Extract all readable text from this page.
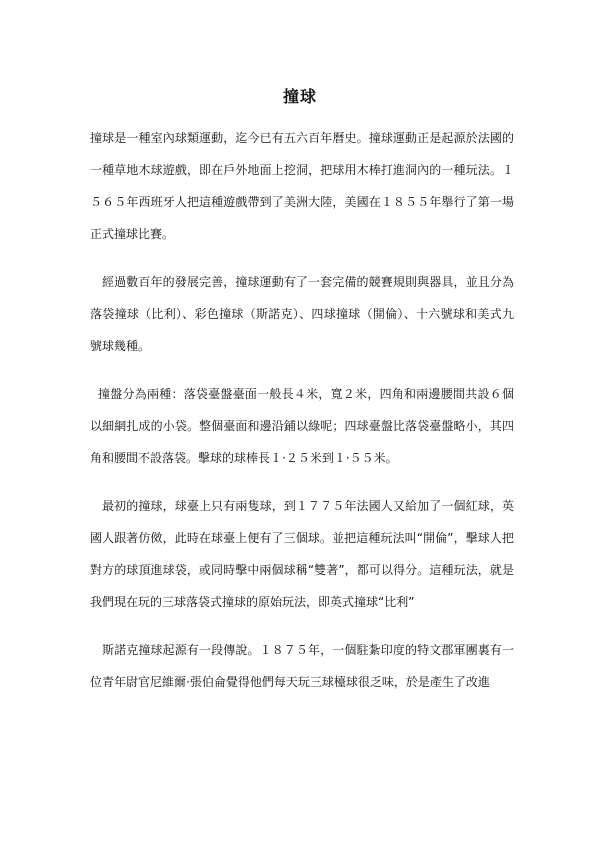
撞球

撞球是一種室內球類運動，迄今已有五六百年曆史。撞球運動正是起源於法國的一種草地木球遊戲，即在戶外地面上挖洞，把球用木棒打進洞內的一種玩法。１５６５年西班牙人把這種遊戲帶到了美洲大陸，美國在１８５５年舉行了第一場正式撞球比賽。

經過數百年的發展完善，撞球運動有了一套完備的競賽規則與器具，並且分為落袋撞球（比利）、彩色撞球（斯諾克）、四球撞球（開倫）、十六號球和美式九號球幾種。

撞盤分為兩種：落袋臺盤臺面一般長４米，寬２米，四角和兩邊腰間共設６個以細網扎成的小袋。整個臺面和邊沿鋪以綠呢；四球臺盤比落袋臺盤略小，其四角和腰間不設落袋。擊球的球棒長１·２５米到１·５５米。

最初的撞球，球臺上只有兩隻球，到１７７５年法國人又給加了一個紅球，英國人跟著仿傚，此時在球臺上便有了三個球。並把這種玩法叫“開倫”，擊球人把對方的球頂進球袋，或同時擊中兩個球稱“雙著”，都可以得分。這種玩法，就是我們現在玩的三球落袋式撞球的原始玩法，即英式撞球“比利”

斯諾克撞球起源有一段傳說。１８７５年，一個駐紮印度的特文郡軍團裏有一位青年尉官尼維爾·張伯侖覺得他們每天玩三球檯球很乏味，於是產生了改進
